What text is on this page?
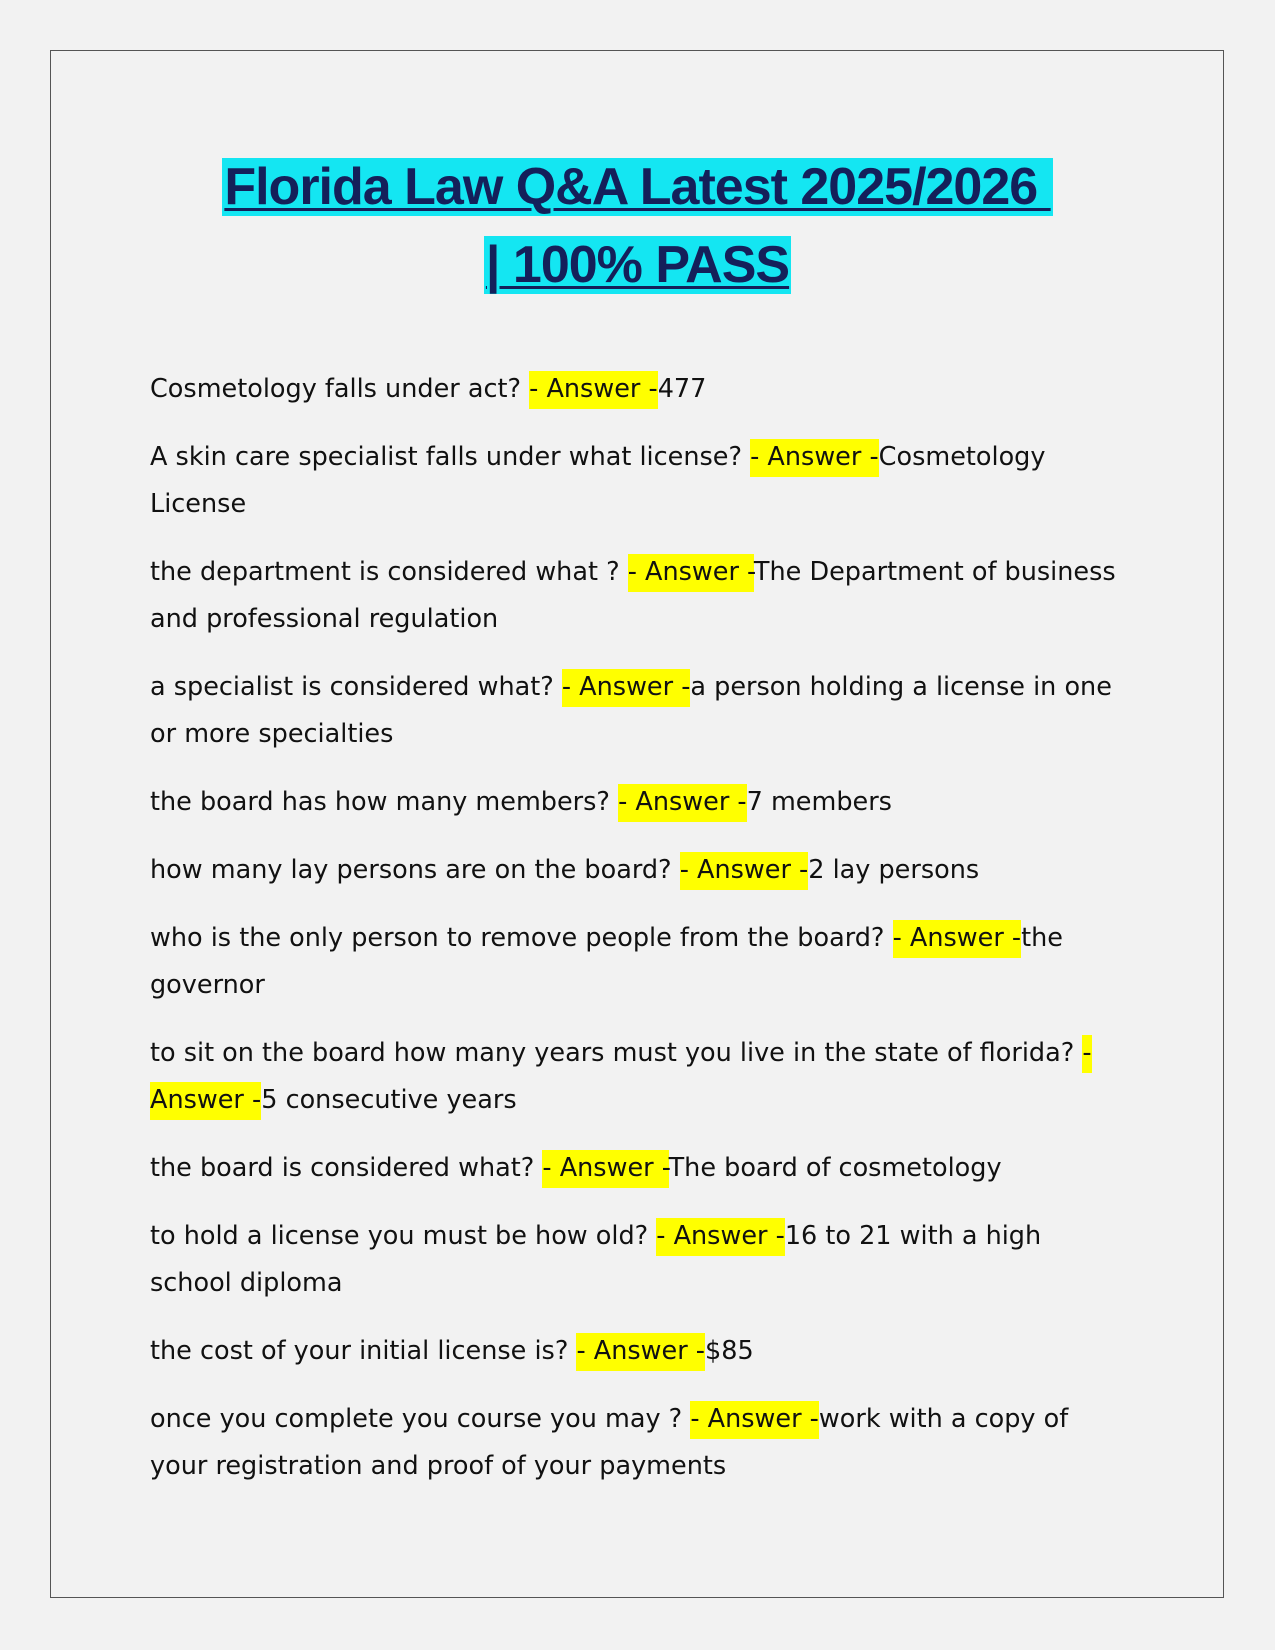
Florida Law Q&A Latest 2025/2026
| 100% PASS
Cosmetology falls under act? - Answer -477
A skin care specialist falls under what license? - Answer -Cosmetology License
the department is considered what ? - Answer -The Department of business and professional regulation
a specialist is considered what? - Answer -a person holding a license in one or more specialties
the board has how many members? - Answer -7 members
how many lay persons are on the board? - Answer -2 lay persons
who is the only person to remove people from the board? - Answer -the governor
to sit on the board how many years must you live in the state of florida? - Answer -5 consecutive years
the board is considered what? - Answer -The board of cosmetology
to hold a license you must be how old? - Answer -16 to 21 with a high school diploma
the cost of your initial license is? - Answer -$85
once you complete you course you may ? - Answer -work with a copy of your registration and proof of your payments
